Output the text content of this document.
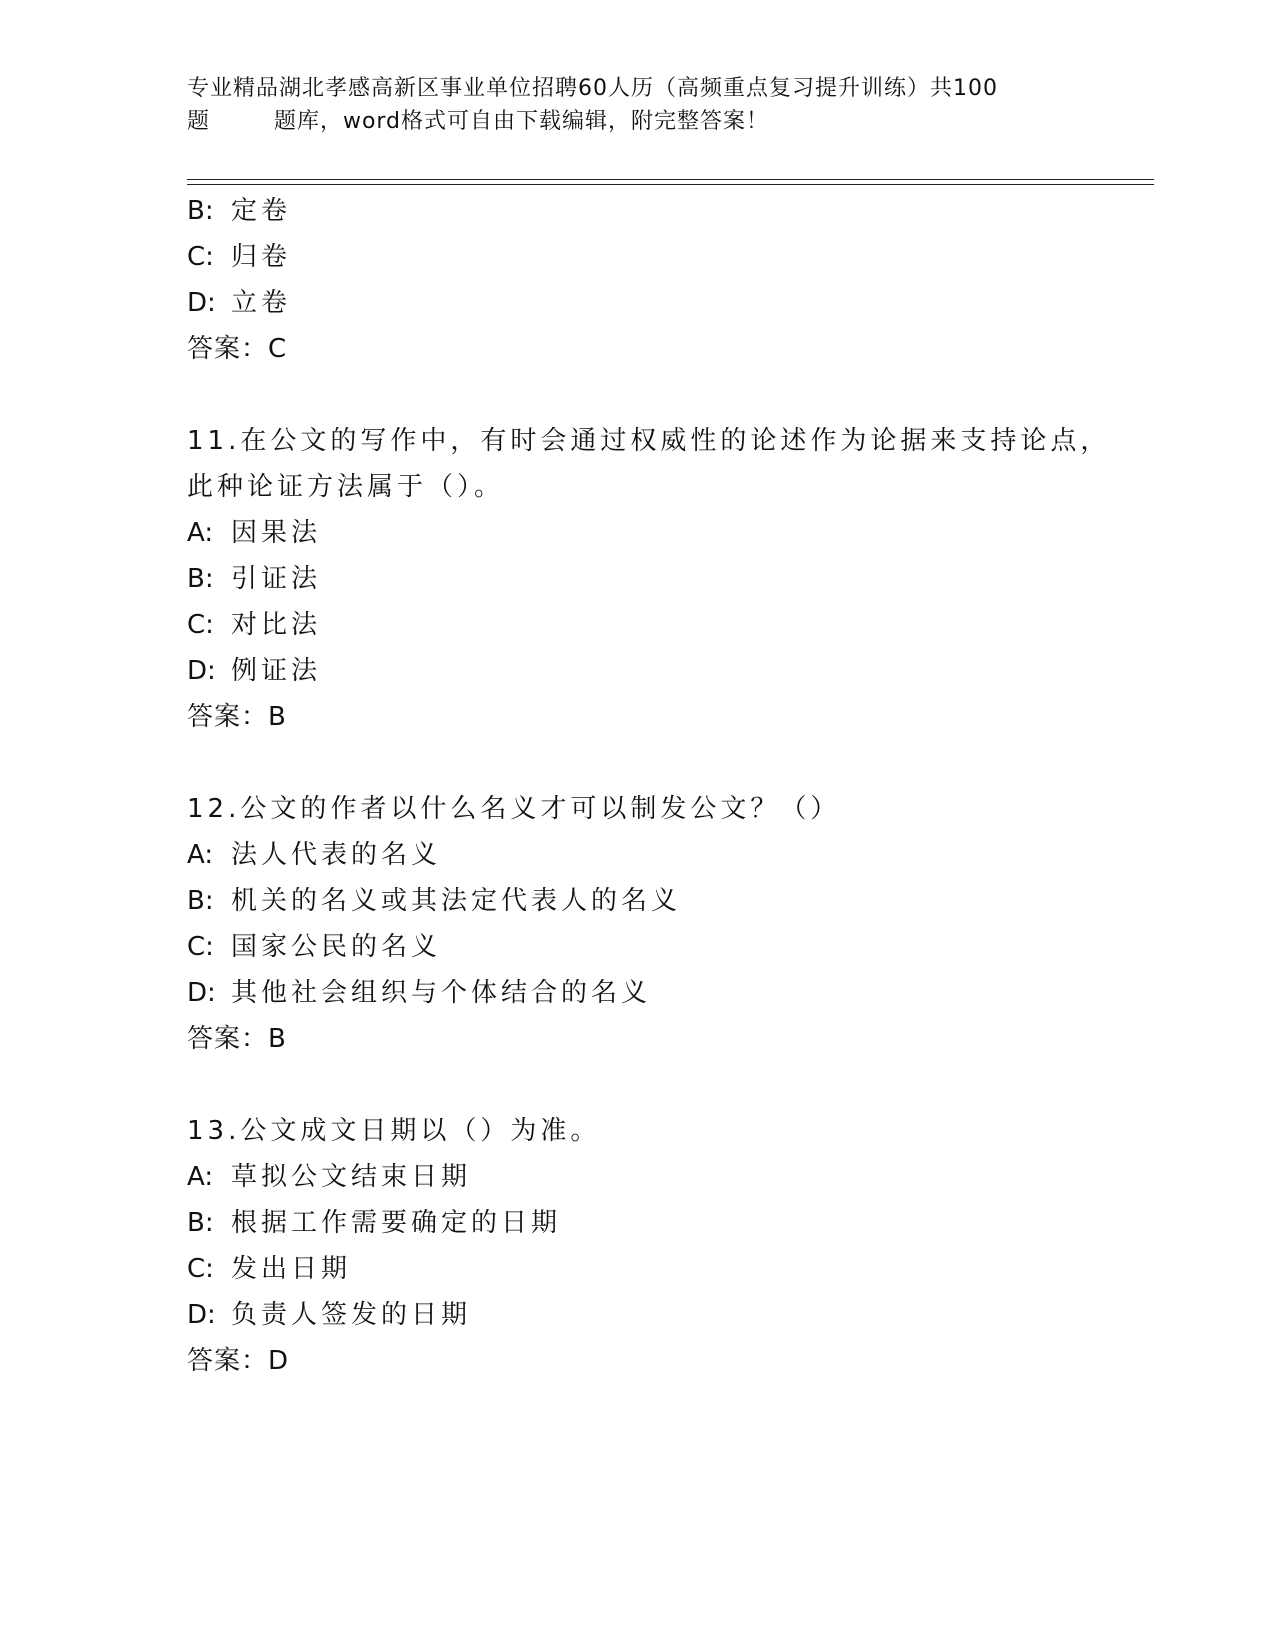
专业精品湖北孝感高新区事业单位招聘60人历（高频重点复习提升训练）共100
题        题库，word格式可自由下载编辑，附完整答案！
B: 定卷
C: 归卷
D: 立卷
答案：C
11.在公文的写作中，有时会通过权威性的论述作为论据来支持论点，
此种论证方法属于（）。
A: 因果法
B: 引证法
C: 对比法
D: 例证法
答案：B
12.公文的作者以什么名义才可以制发公文？（）
A: 法人代表的名义
B: 机关的名义或其法定代表人的名义
C: 国家公民的名义
D: 其他社会组织与个体结合的名义
答案：B
13.公文成文日期以（）为准。
A: 草拟公文结束日期
B: 根据工作需要确定的日期
C: 发出日期
D: 负责人签发的日期
答案：D
